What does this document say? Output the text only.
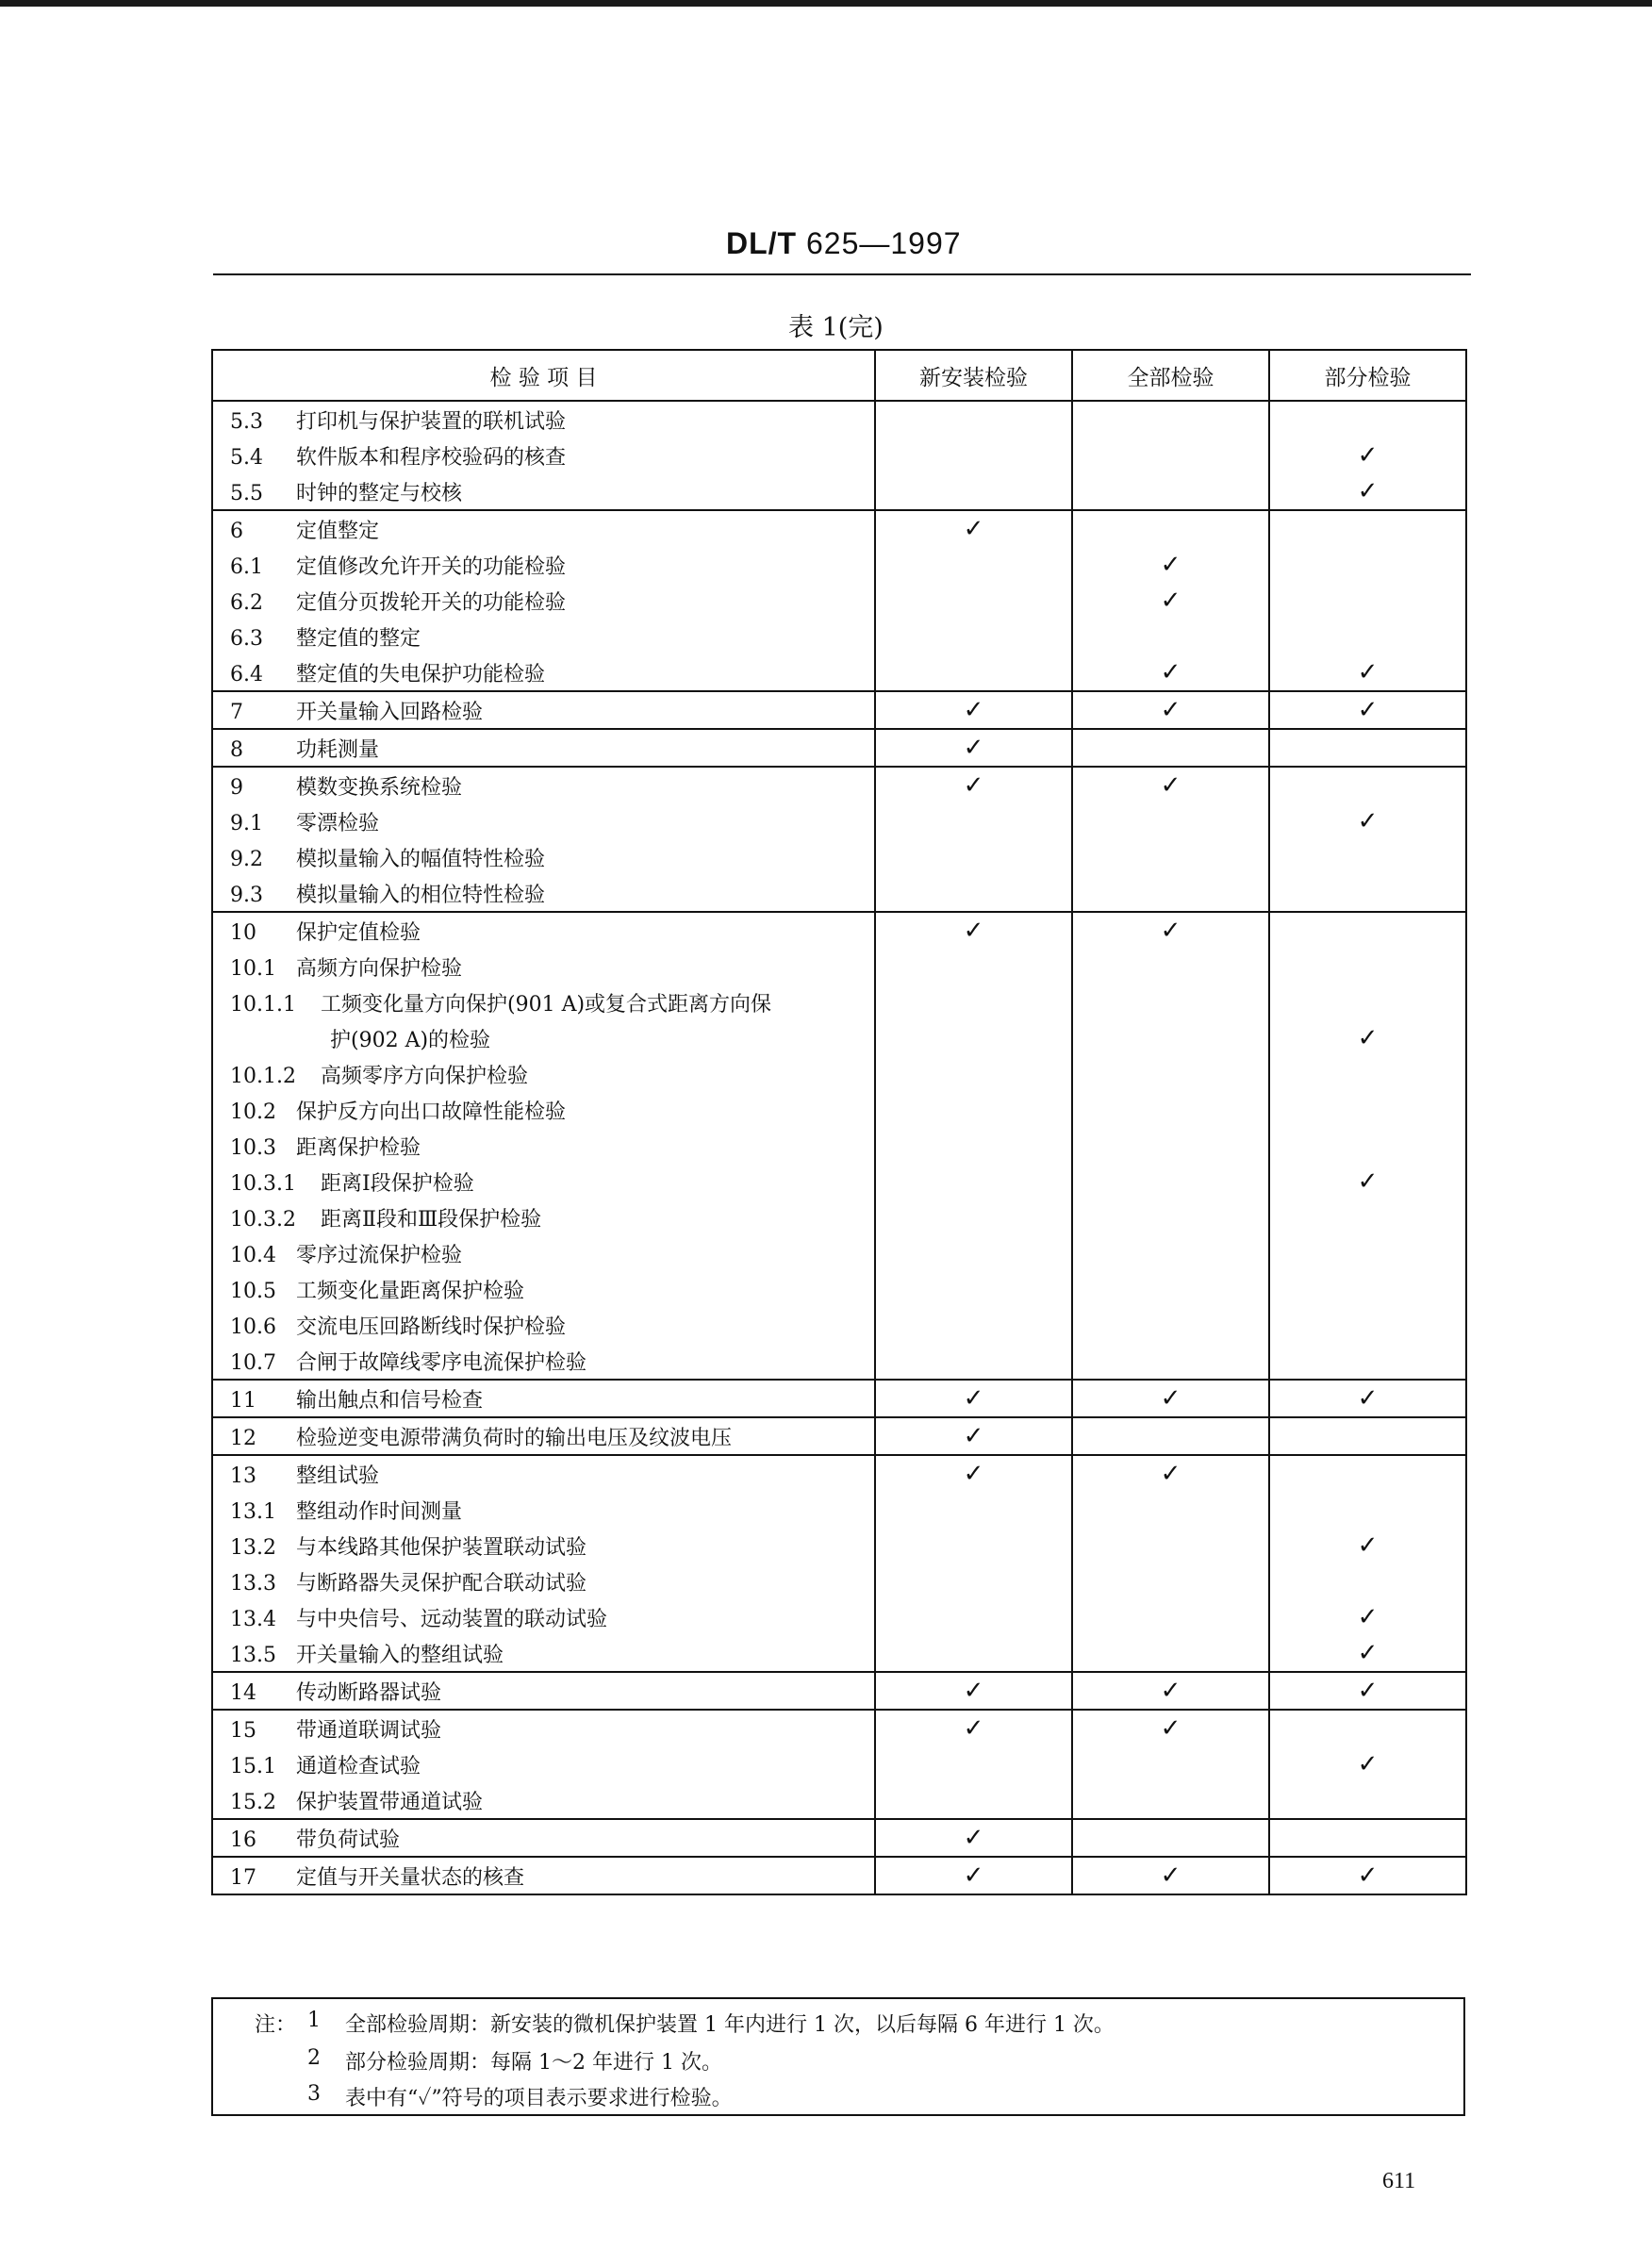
DL/T 625—1997
表 1(完)
检 验 项 目	新安装检验	全部检验	部分检验
5.3 打印机与保护装置的联机试验			
5.4 软件版本和程序校验码的核查			✓
5.5 时钟的整定与校核			✓
6 定值整定	✓		
6.1 定值修改允许开关的功能检验		✓	
6.2 定值分页拨轮开关的功能检验		✓	
6.3 整定值的整定			
6.4 整定值的失电保护功能检验		✓	✓
7 开关量输入回路检验	✓	✓	✓
8 功耗测量	✓		
9 模数变换系统检验	✓	✓	
9.1 零漂检验			✓
9.2 模拟量输入的幅值特性检验			
9.3 模拟量输入的相位特性检验			
10 保护定值检验	✓	✓	
10.1 高频方向保护检验			
10.1.1 工频变化量方向保护(901 A)或复合式距离方向保			
护(902 A)的检验			✓
10.1.2 高频零序方向保护检验			
10.2 保护反方向出口故障性能检验			
10.3 距离保护检验			
10.3.1 距离Ⅰ段保护检验			✓
10.3.2 距离Ⅱ段和Ⅲ段保护检验			
10.4 零序过流保护检验			
10.5 工频变化量距离保护检验			
10.6 交流电压回路断线时保护检验			
10.7 合闸于故障线零序电流保护检验			
11 输出触点和信号检查	✓	✓	✓
12 检验逆变电源带满负荷时的输出电压及纹波电压	✓		
13 整组试验	✓	✓	
13.1 整组动作时间测量			
13.2 与本线路其他保护装置联动试验			✓
13.3 与断路器失灵保护配合联动试验			
13.4 与中央信号、远动装置的联动试验			✓
13.5 开关量输入的整组试验			✓
14 传动断路器试验	✓	✓	✓
15 带通道联调试验	✓	✓	
15.1 通道检查试验			✓
15.2 保护装置带通道试验			
16 带负荷试验	✓		
17 定值与开关量状态的核查	✓	✓	✓
注： 1 全部检验周期：新安装的微机保护装置 1 年内进行 1 次，以后每隔 6 年进行 1 次。
2 部分检验周期：每隔 1～2 年进行 1 次。
3 表中有“✓”符号的项目表示要求进行检验。
611
